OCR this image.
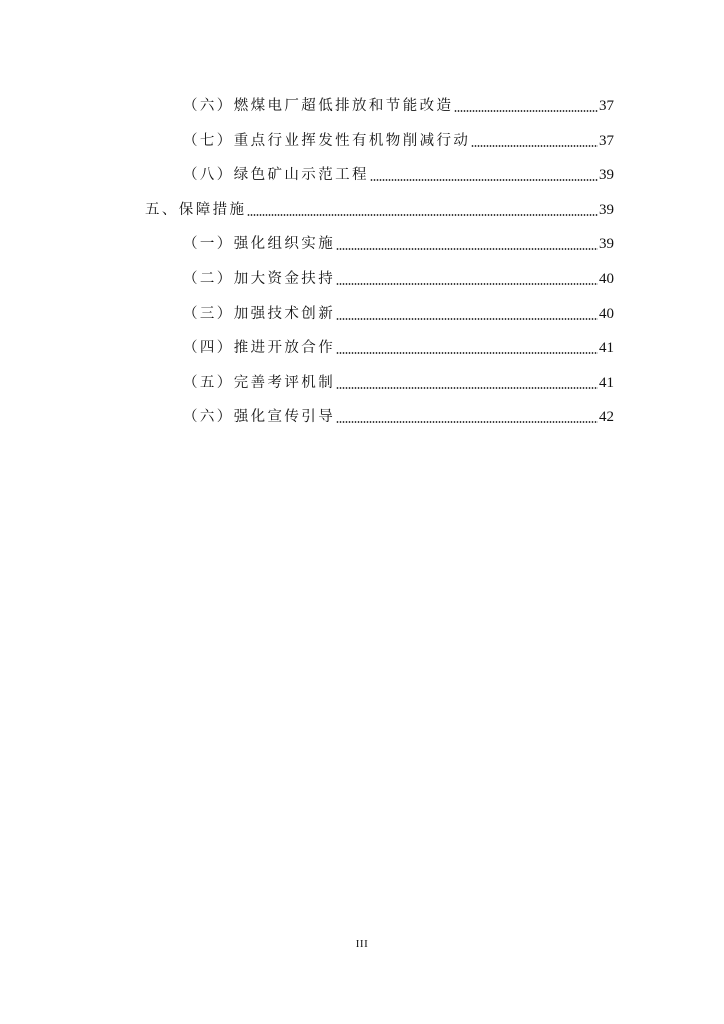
（六）燃煤电厂超低排放和节能改造	37
（七）重点行业挥发性有机物削减行动	37
（八）绿色矿山示范工程	39
五、保障措施	39
（一）强化组织实施	39
（二）加大资金扶持	40
（三）加强技术创新	40
（四）推进开放合作	41
（五）完善考评机制	41
（六）强化宣传引导	42
III
